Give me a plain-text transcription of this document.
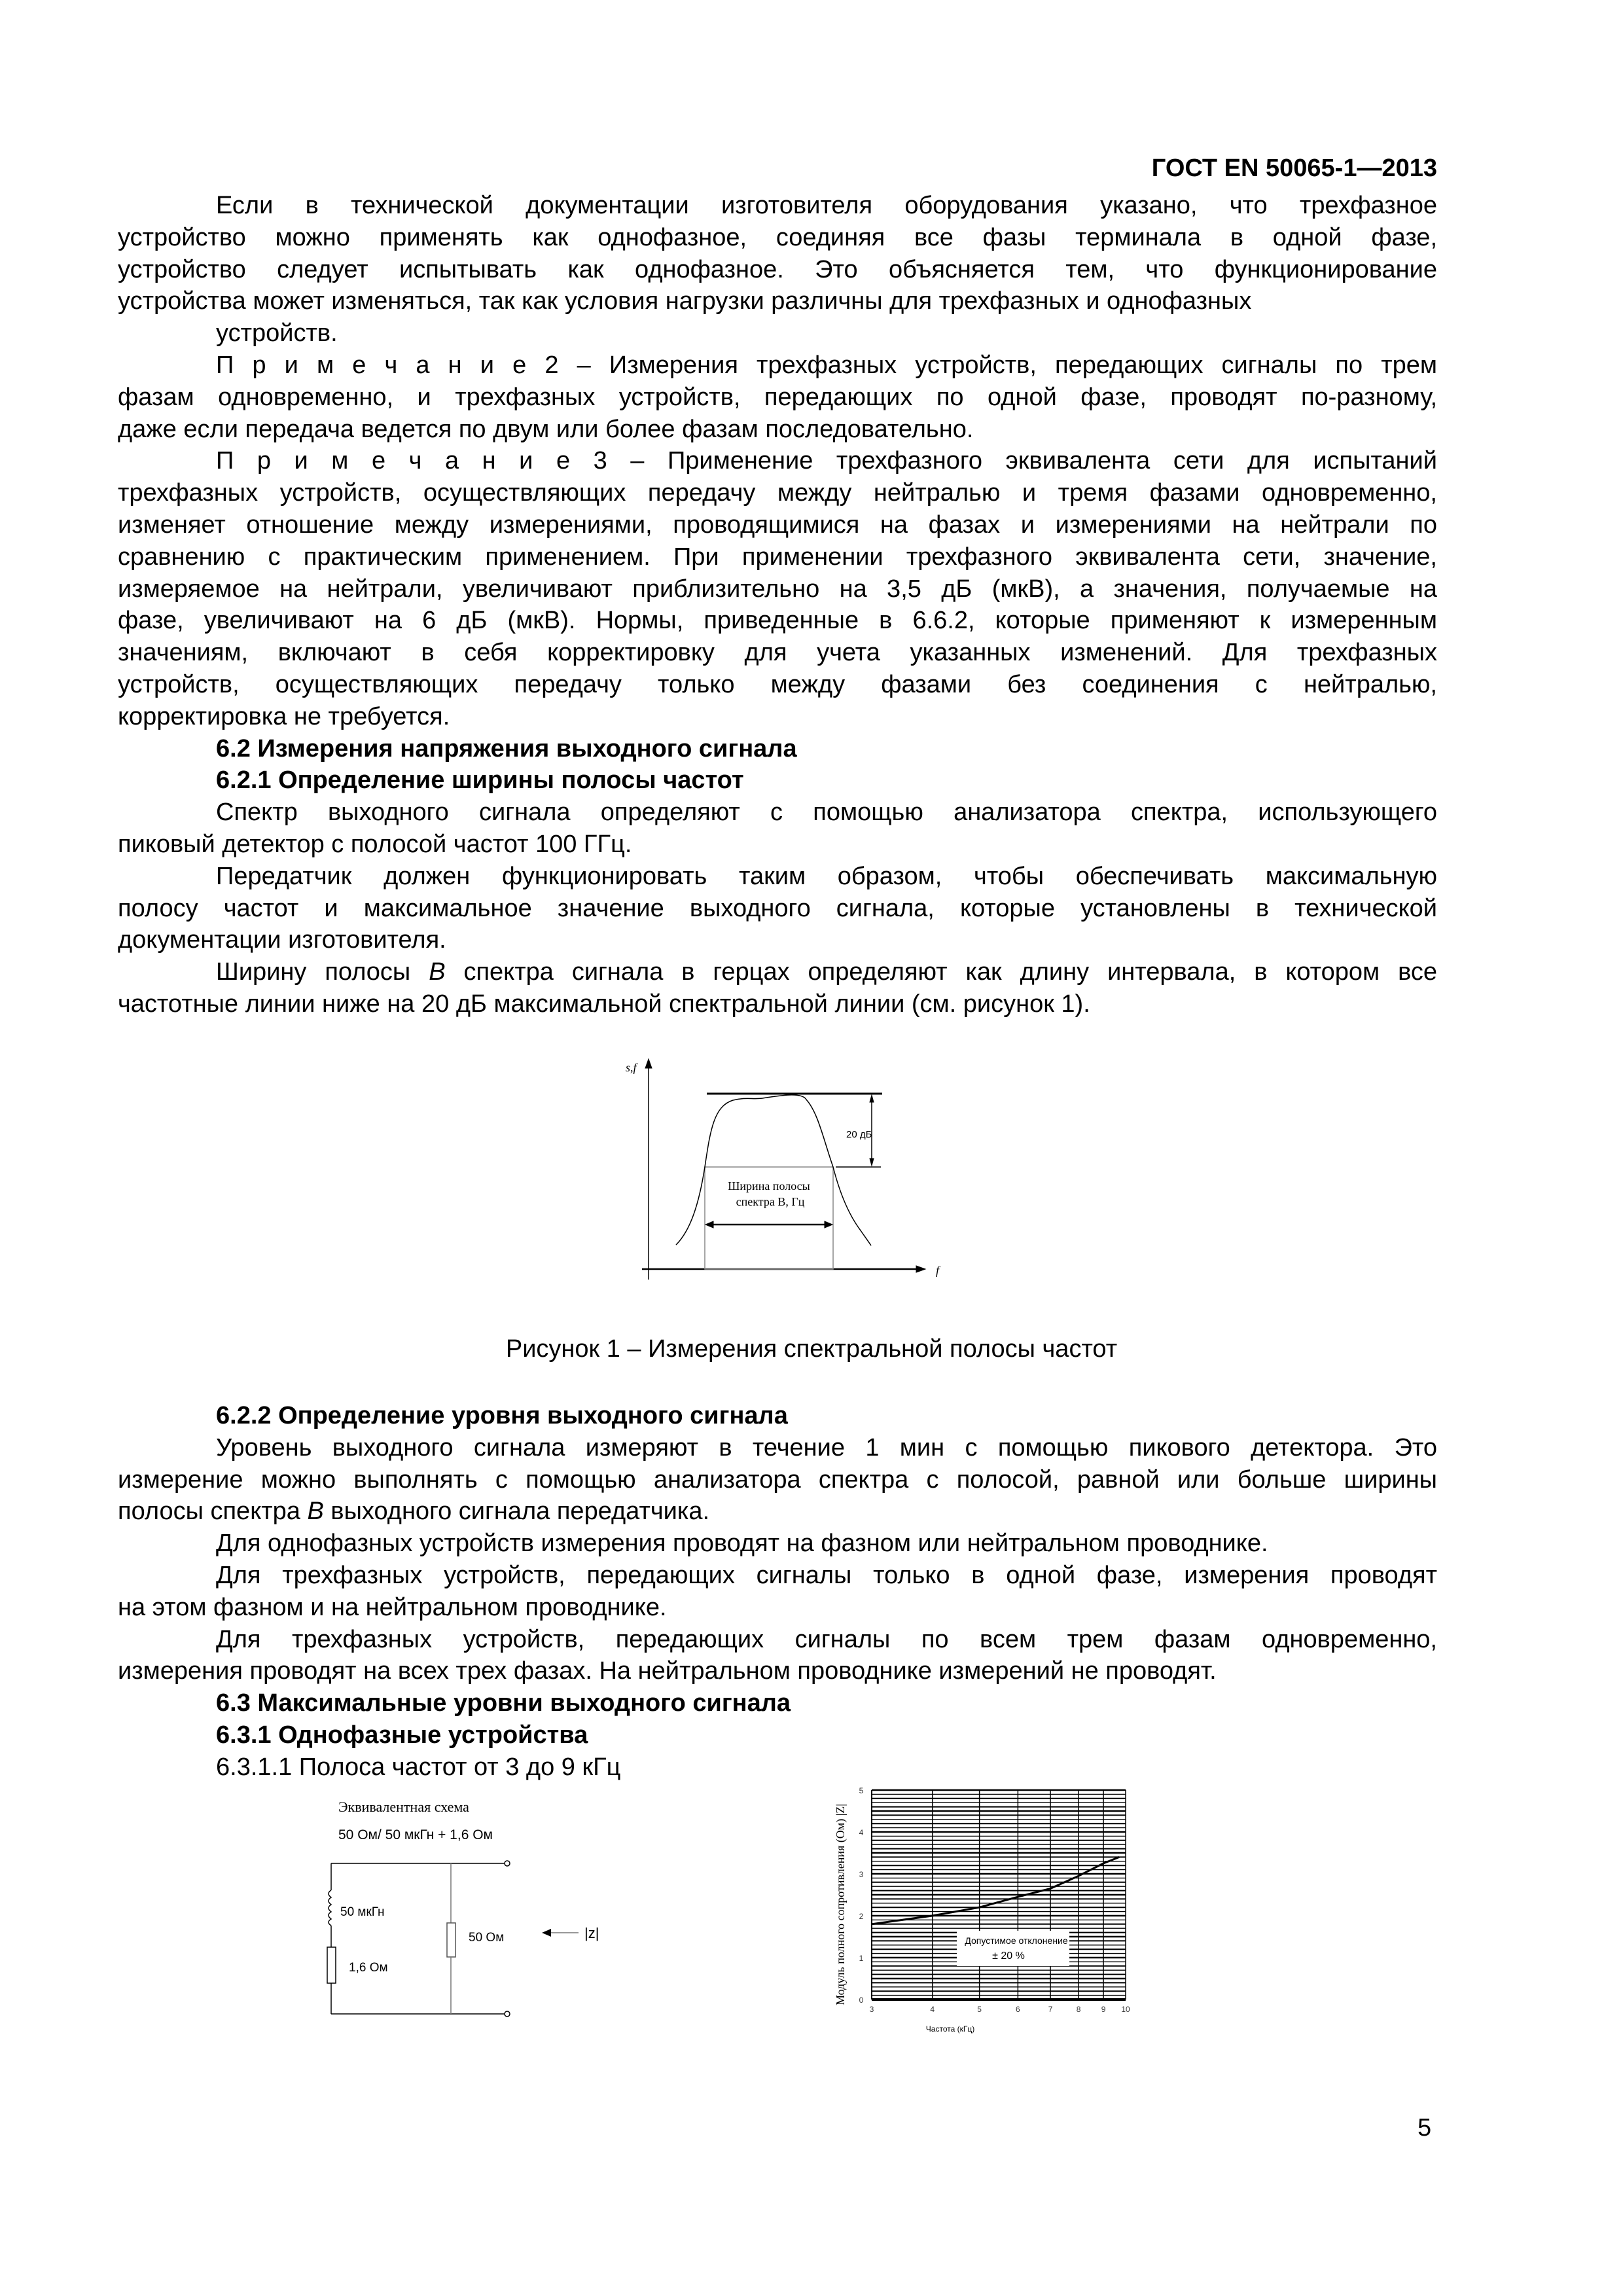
ГОСТ EN 50065-1—2013
Если в технической документации изготовителя оборудования указано, что трехфазное
устройство можно применять как однофазное, соединяя все фазы терминала в одной фазе,
устройство следует испытывать как однофазное. Это объясняется тем, что функционирование
устройства может изменяться, так как условия нагрузки различны для трехфазных и однофазных
устройств.
П р и м е ч а н и е 2 – Измерения трехфазных устройств, передающих сигналы по трем
фазам одновременно, и трехфазных устройств, передающих по одной фазе, проводят по-разному,
даже если передача ведется по двум или более фазам последовательно.
П р и м е ч а н и е 3 – Применение трехфазного эквивалента сети для испытаний
трехфазных устройств, осуществляющих передачу между нейтралью и тремя фазами одновременно,
изменяет отношение между измерениями, проводящимися на фазах и измерениями на нейтрали по
сравнению с практическим применением. При применении трехфазного эквивалента сети, значение,
измеряемое на нейтрали, увеличивают приблизительно на 3,5 дБ (мкВ), а значения, получаемые на
фазе, увеличивают на 6 дБ (мкВ). Нормы, приведенные в 6.6.2, которые применяют к измеренным
значениям, включают в себя корректировку для учета указанных изменений. Для трехфазных
устройств, осуществляющих передачу только между фазами без соединения с нейтралью,
корректировка не требуется.
6.2 Измерения напряжения выходного сигнала
6.2.1 Определение ширины полосы частот
Спектр выходного сигнала определяют с помощью анализатора спектра, использующего
пиковый детектор с полосой частот 100 ГГц.
Передатчик должен функционировать таким образом, чтобы обеспечивать максимальную
полосу частот и максимальное значение выходного сигнала, которые установлены в технической
документации изготовителя.
Ширину полосы B спектра сигнала в герцах определяют как длину интервала, в котором все
частотные линии ниже на 20 дБ максимальной спектральной линии (см. рисунок 1).
s,f
f
20 дБ
Ширина полосы
спектра B, Гц
Рисунок 1 – Измерения спектральной полосы частот
6.2.2 Определение уровня выходного сигнала
Уровень выходного сигнала измеряют в течение 1 мин с помощью пикового детектора. Это
измерение можно выполнять с помощью анализатора спектра с полосой, равной или больше ширины
полосы спектра B выходного сигнала передатчика.
Для однофазных устройств измерения проводят на фазном или нейтральном проводнике.
Для трехфазных устройств, передающих сигналы только в одной фазе, измерения проводят
на этом фазном и на нейтральном проводнике.
Для трехфазных устройств, передающих сигналы по всем трем фазам одновременно,
измерения проводят на всех трех фазах. На нейтральном проводнике измерений не проводят.
6.3 Максимальные уровни выходного сигнала
6.3.1 Однофазные устройства
6.3.1.1 Полоса частот от 3 до 9 кГц
Эквивалентная схема
50 Ом/ 50 мкГн + 1,6 Ом
50 мкГн
1,6 Ом
50 Ом	|z|	Допустимое отклонение
± 20 %
3	4	5	6	7	8	9 10
0
1
2
3
4
5
Модуль полного сопротивления (Ом) |Z|
Частота (кГц)
5
